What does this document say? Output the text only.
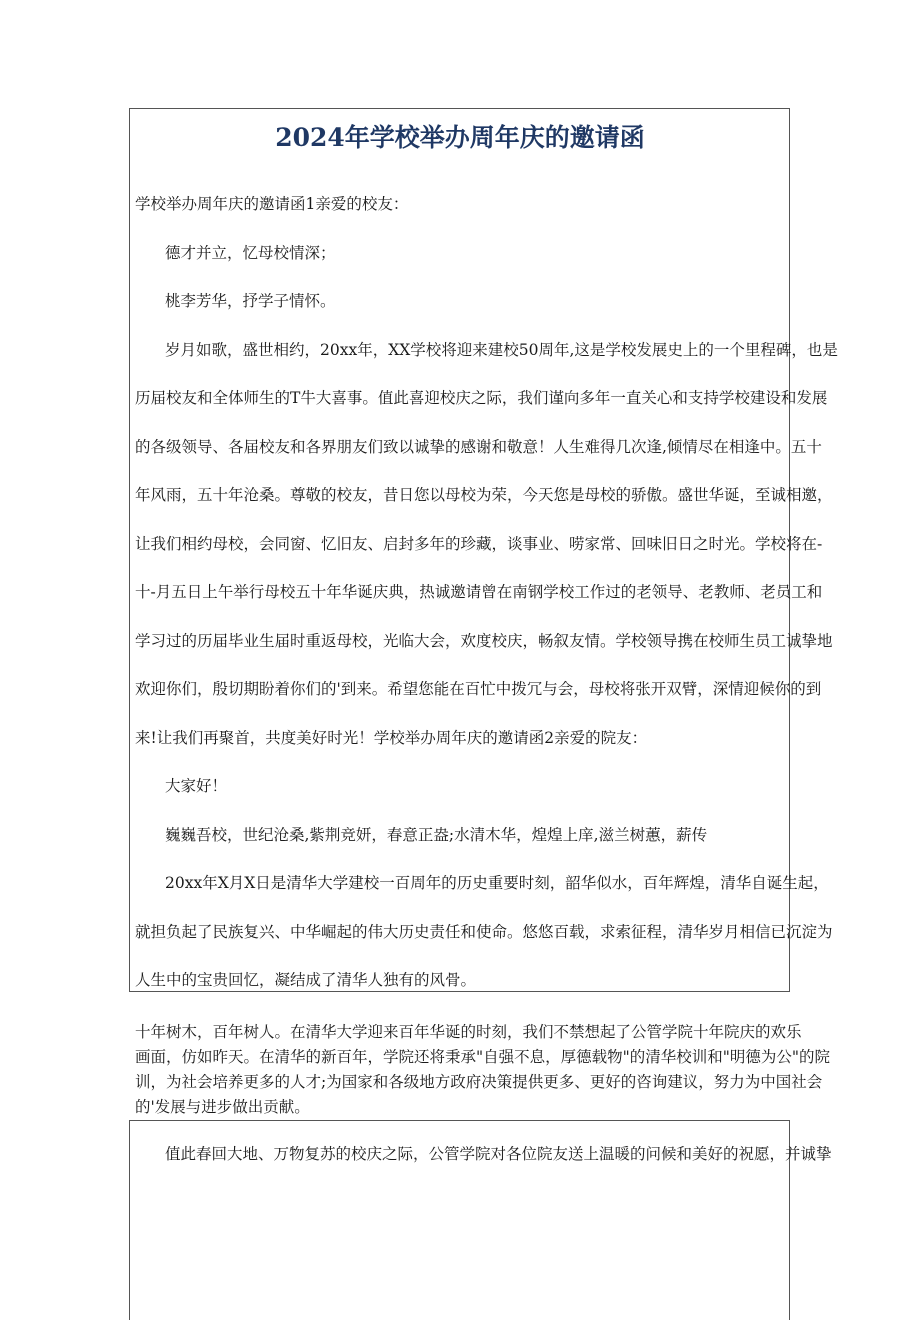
2024年学校举办周年庆的邀请函
学校举办周年庆的邀请函1亲爱的校友：
德才并立，忆母校情深；
桃李芳华，抒学子情怀。
岁月如歌，盛世相约，20xx年，XX学校将迎来建校50周年,这是学校发展史上的一个里程碑，也是
历届校友和全体师生的T牛大喜事。值此喜迎校庆之际，我们谨向多年一直关心和支持学校建设和发展
的各级领导、各届校友和各界朋友们致以诚挚的感谢和敬意！人生难得几次逢,倾情尽在相逢中。五十
年风雨，五十年沧桑。尊敬的校友，昔日您以母校为荣，今天您是母校的骄傲。盛世华诞，至诚相邀，
让我们相约母校，会同窗、忆旧友、启封多年的珍藏，谈事业、唠家常、回味旧日之时光。学校将在-
十-月五日上午举行母校五十年华诞庆典，热诚邀请曾在南钢学校工作过的老领导、老教师、老员工和
学习过的历届毕业生届时重返母校，光临大会，欢度校庆，畅叙友情。学校领导携在校师生员工诚挚地
欢迎你们，殷切期盼着你们的'到来。希望您能在百忙中拨冗与会，母校将张开双臂，深情迎候你的到
来!让我们再聚首，共度美好时光！学校举办周年庆的邀请函2亲爱的院友：
大家好！
巍巍吾校，世纪沧桑,紫荆竞妍，春意正盎;水清木华，煌煌上庠,滋兰树蕙，薪传
20xx年X月X日是清华大学建校一百周年的历史重要时刻，韶华似水，百年辉煌，清华自诞生起，
就担负起了民族复兴、中华崛起的伟大历史责任和使命。悠悠百载，求索征程，清华岁月相信已沉淀为
人生中的宝贵回忆，凝结成了清华人独有的风骨。
十年树木，百年树人。在清华大学迎来百年华诞的时刻，我们不禁想起了公管学院十年院庆的欢乐
画面，仿如昨天。在清华的新百年，学院还将秉承"自强不息，厚德载物"的清华校训和"明德为公"的院
训，为社会培养更多的人才;为国家和各级地方政府决策提供更多、更好的咨询建议，努力为中国社会
的'发展与进步做出贡献。
值此春回大地、万物复苏的校庆之际，公管学院对各位院友送上温暖的问候和美好的祝愿，并诚挚
